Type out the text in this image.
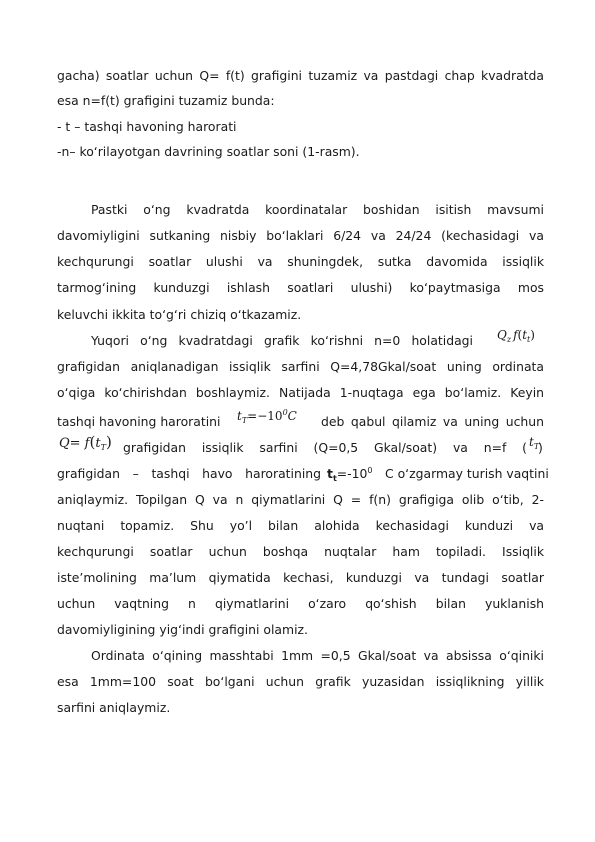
gacha) soatlar uchun Q= f(t) grafigini tuzamiz va pastdagi chap kvadratda
esa n=f(t) grafigini tuzamiz bunda:
- t – tashqi havoning harorati
-n– koʻrilayotgan davrining soatlar soni (1-rasm).
Pastki oʻng kvadratda koordinatalar boshidan isitish mavsumi
davomiyligini sutkaning nisbiy boʻlaklari 6/24 va 24/24 (kechasidagi va
kechqurungi soatlar ulushi va shuningdek, sutka davomida issiqlik
tarmogʻining kunduzgi ishlash soatlari ulushi) koʻpaytmasiga mos
keluvchi ikkita toʻgʻri chiziq oʻtkazamiz.
Yuqori oʻng kvadratdagi grafik koʻrishni n=0 holatidagi $Q_z$ $f(t_t)$
grafigidan aniqlanadigan issiqlik sarfini Q=4,78Gkal/soat uning ordinata
oʻqiga koʻchirishdan boshlaymiz. Natijada 1-nuqtaga ega boʻlamiz. Keyin
tashqi havoning haroratini	$t_T=-10^0C$	deb qabul qilamiz va uning uchun
$Q= f(t_T)$ grafigidan issiqlik sarfini (Q=0,5 Gkal/soat) va n=f ( $t_T$
)
grafigidan – tashqi havo haroratining $t_t=-10^0$	C oʻzgarmay turish vaqtini
aniqlaymiz. Topilgan Q va n qiymatlarini Q = f(n) grafigiga olib oʻtib, 2-
nuqtani topamiz. Shu yo’l bilan alohida kechasidagi kunduzi va
kechqurungi soatlar uchun boshqa nuqtalar ham topiladi. Issiqlik
iste’molining ma’lum qiymatida kechasi, kunduzgi va tundagi soatlar
uchun vaqtning n qiymatlarini oʻzaro qoʻshish bilan yuklanish
davomiyligining yigʻindi grafigini olamiz.
Ordinata oʻqining masshtabi 1mm =0,5 Gkal/soat va absissa oʻqiniki
esa 1mm=100 soat boʻlgani uchun grafik yuzasidan issiqlikning yillik
sarfini aniqlaymiz.
